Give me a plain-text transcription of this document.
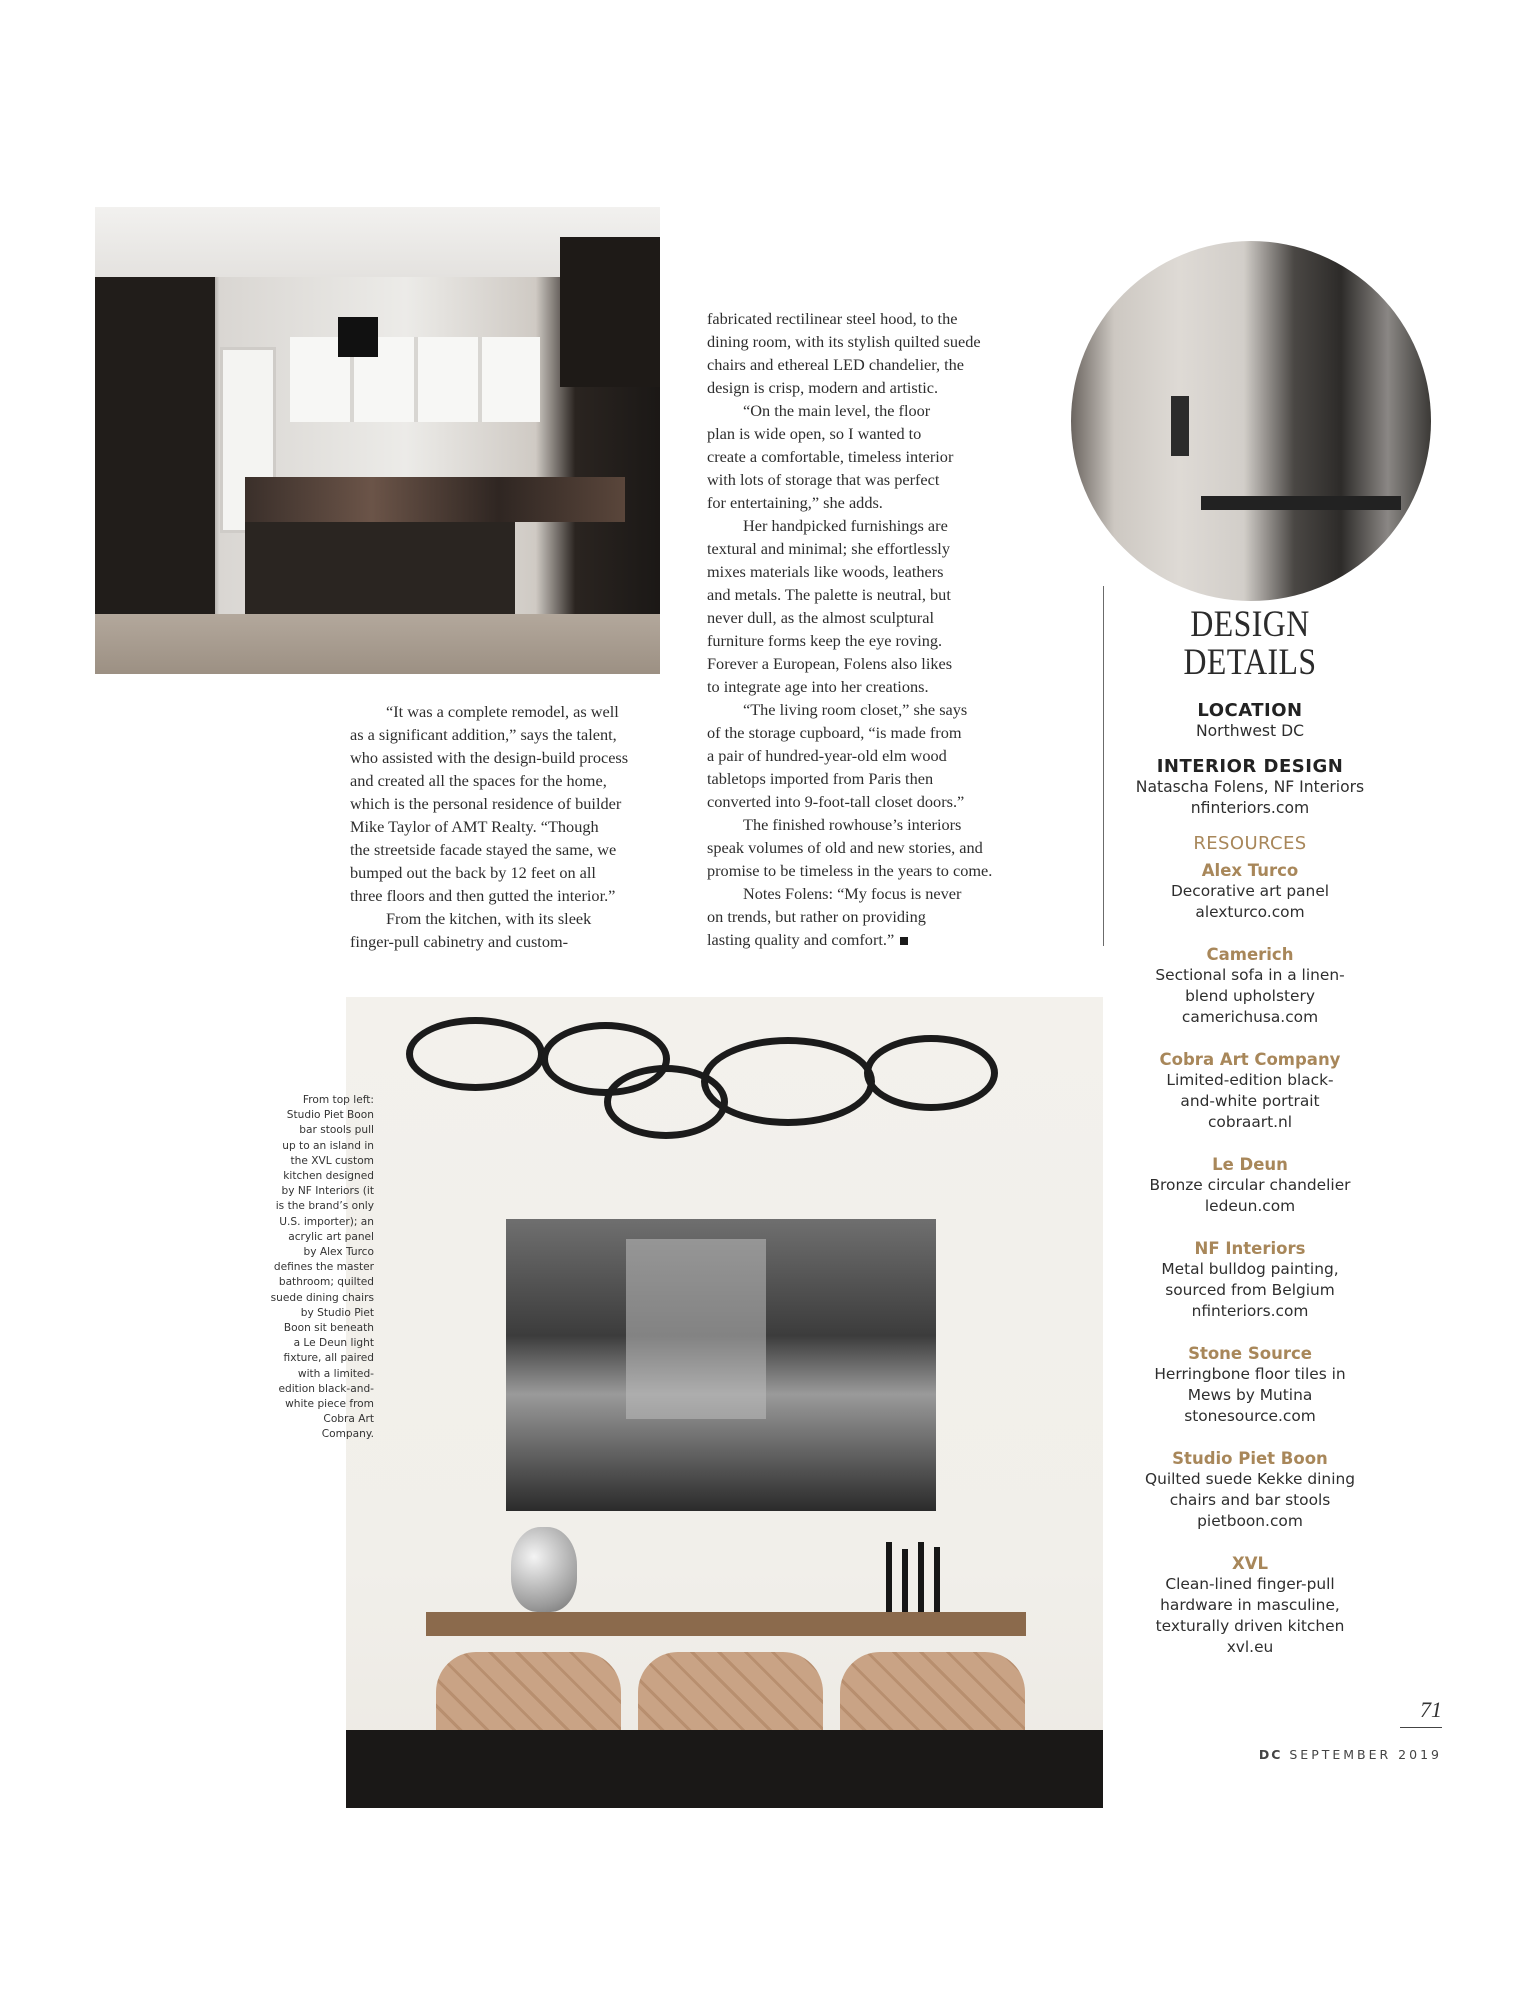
“It was a complete remodel, as well

as a significant addition,” says the talent,

who assisted with the design-build process

and created all the spaces for the home,

which is the personal residence of builder

Mike Taylor of AMT Realty. “Though

the streetside facade stayed the same, we

bumped out the back by 12 feet on all

three floors and then gutted the interior.”

From the kitchen, with its sleek

finger-pull cabinetry and custom-

fabricated rectilinear steel hood, to the

dining room, with its stylish quilted suede

chairs and ethereal LED chandelier, the

design is crisp, modern and artistic.

“On the main level, the floor

plan is wide open, so I wanted to

create a comfortable, timeless interior

with lots of storage that was perfect

for entertaining,” she adds.

Her handpicked furnishings are

textural and minimal; she effortlessly

mixes materials like woods, leathers

and metals. The palette is neutral, but

never dull, as the almost sculptural

furniture forms keep the eye roving.

Forever a European, Folens also likes

to integrate age into her creations.

“The living room closet,” she says

of the storage cupboard, “is made from

a pair of hundred-year-old elm wood

tabletops imported from Paris then

converted into 9-foot-tall closet doors.”

The finished rowhouse’s interiors

speak volumes of old and new stories, and

promise to be timeless in the years to come.

Notes Folens: “My focus is never

on trends, but rather on providing

lasting quality and comfort.”

From top left:
Studio Piet Boon
bar stools pull
up to an island in
the XVL custom
kitchen designed
by NF Interiors (it
is the brand’s only
U.S. importer); an
acrylic art panel
by Alex Turco
defines the master
bathroom; quilted
suede dining chairs
by Studio Piet
Boon sit beneath
a Le Deun light
fixture, all paired
with a limited-
edition black-and-
white piece from
Cobra Art
Company.
DESIGN
DETAILS
LOCATION
Northwest DC
INTERIOR DESIGN
Natascha Folens, NF Interiors
nfinteriors.com
RESOURCES
Alex Turco
Decorative art panel
alexturco.com
Camerich
Sectional sofa in a linen-
blend upholstery
camerichusa.com
Cobra Art Company
Limited-edition black-
and-white portrait
cobraart.nl
Le Deun
Bronze circular chandelier
ledeun.com
NF Interiors
Metal bulldog painting,
sourced from Belgium
nfinteriors.com
Stone Source
Herringbone floor tiles in
Mews by Mutina
stonesource.com
Studio Piet Boon
Quilted suede Kekke dining
chairs and bar stools
pietboon.com
XVL
Clean-lined finger-pull
hardware in masculine,
texturally driven kitchen
xvl.eu
71
DC SEPTEMBER 2019
